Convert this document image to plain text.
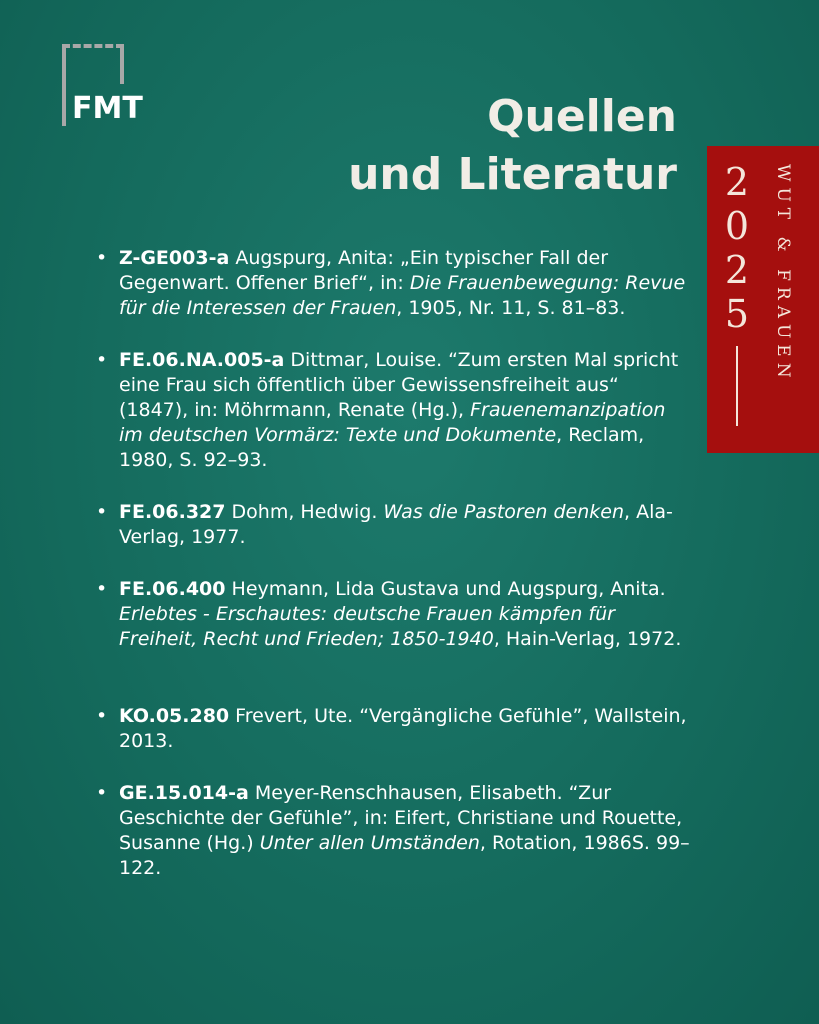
FMT	Quellen
und Literatur 2
0
2
5	WUT & FRAUEN
• Z-GE003-a Augspurg, Anita: „Ein typischer Fall der Gegenwart. Offener Brief“, in: Die Frauenbewegung: Revue für die Interessen der Frauen, 1905, Nr. 11, S. 81–83.
• FE.06.NA.005-a Dittmar, Louise. “Zum ersten Mal spricht eine Frau sich öffentlich über Gewissensfreiheit aus“ (1847), in: Möhrmann, Renate (Hg.), Frauenemanzipation im deutschen Vormärz: Texte und Dokumente, Reclam, 1980, S. 92–93.
• FE.06.327 Dohm, Hedwig. Was die Pastoren denken, Ala-Verlag, 1977.
• FE.06.400 Heymann, Lida Gustava und Augspurg, Anita. Erlebtes - Erschautes: deutsche Frauen kämpfen für Freiheit, Recht und Frieden; 1850-1940, Hain-Verlag, 1972.
• KO.05.280 Frevert, Ute. “Vergängliche Gefühle”, Wallstein, 2013.
• GE.15.014-a Meyer-Renschhausen, Elisabeth. “Zur Geschichte der Gefühle”, in: Eifert, Christiane und Rouette, Susanne (Hg.) Unter allen Umständen, Rotation, 1986S. 99–122.
